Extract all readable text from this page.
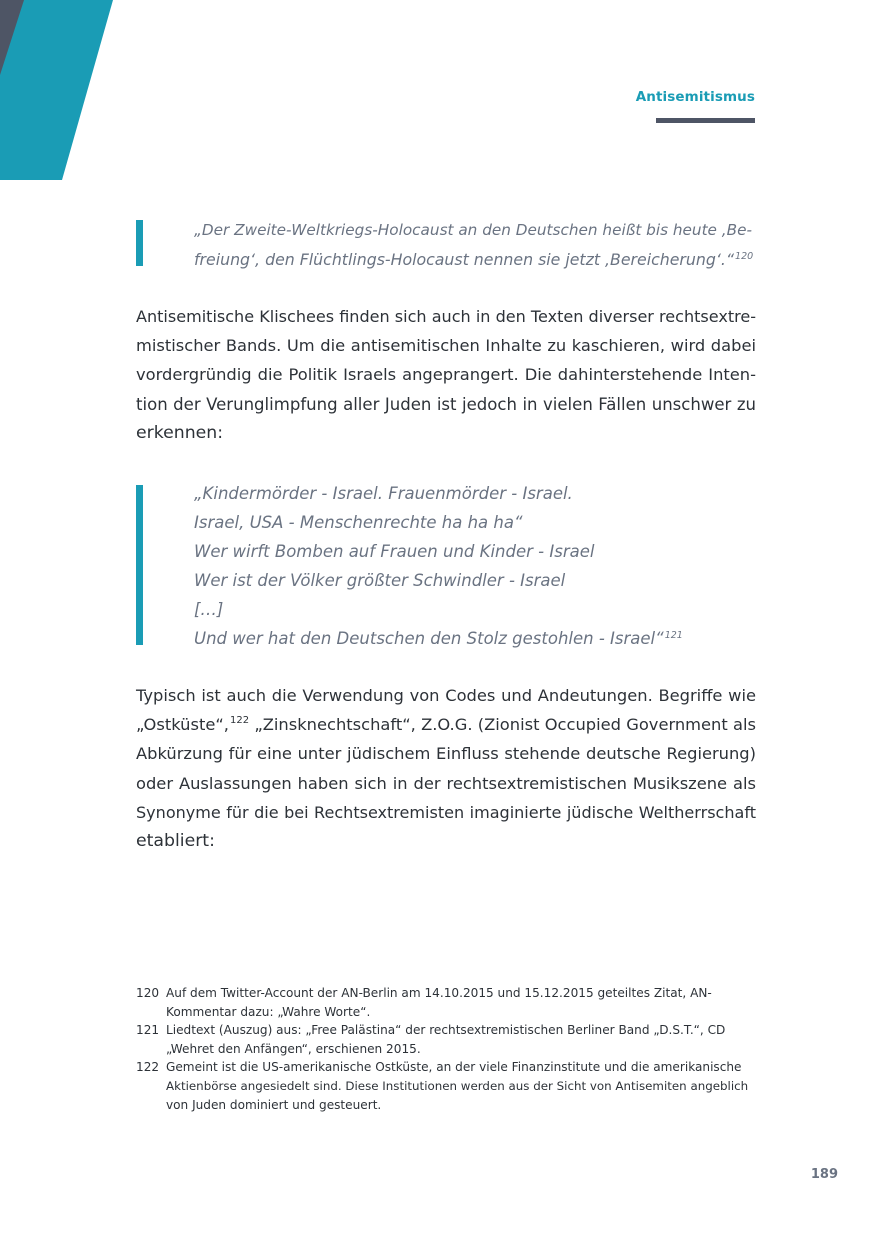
Antisemitismus
„Der Zweite-Weltkriegs-Holocaust an den Deutschen heißt bis heute ‚Be-
freiung‘, den Flüchtlings-Holocaust nennen sie jetzt ‚Bereicherung‘.“$^{120}$
Antisemitische Klischees finden sich auch in den Texten diverser rechtsextre-
mistischer Bands. Um die antisemitischen Inhalte zu kaschieren, wird dabei
vordergründig die Politik Israels angeprangert. Die dahinterstehende Inten-
tion der Verunglimpfung aller Juden ist jedoch in vielen Fällen unschwer zu
erkennen:
„Kindermörder - Israel. Frauenmörder - Israel.
Israel, USA - Menschenrechte ha ha ha“
Wer wirft Bomben auf Frauen und Kinder - Israel
Wer ist der Völker größter Schwindler - Israel
[…]
Und wer hat den Deutschen den Stolz gestohlen - Israel“$^{121}$
Typisch ist auch die Verwendung von Codes und Andeutungen. Begriffe wie
„Ostküste“,$^{122}$ „Zinsknechtschaft“, Z.O.G. (Zionist Occupied Government als
Abkürzung für eine unter jüdischem Einfluss stehende deutsche Regierung)
oder Auslassungen haben sich in der rechtsextremistischen Musikszene als
Synonyme für die bei Rechtsextremisten imaginierte jüdische Weltherrschaft
etabliert:
120 Auf dem Twitter-Account der AN-Berlin am 14.10.2015 und 15.12.2015 geteiltes Zitat, AN-
Kommentar dazu: „Wahre Worte“.
121 Liedtext (Auszug) aus: „Free Palästina“ der rechtsextremistischen Berliner Band „D.S.T.“, CD
„Wehret den Anfängen“, erschienen 2015.
122 Gemeint ist die US-amerikanische Ostküste, an der viele Finanzinstitute und die amerikanische
Aktienbörse angesiedelt sind. Diese Institutionen werden aus der Sicht von Antisemiten angeblich
von Juden dominiert und gesteuert.
189
